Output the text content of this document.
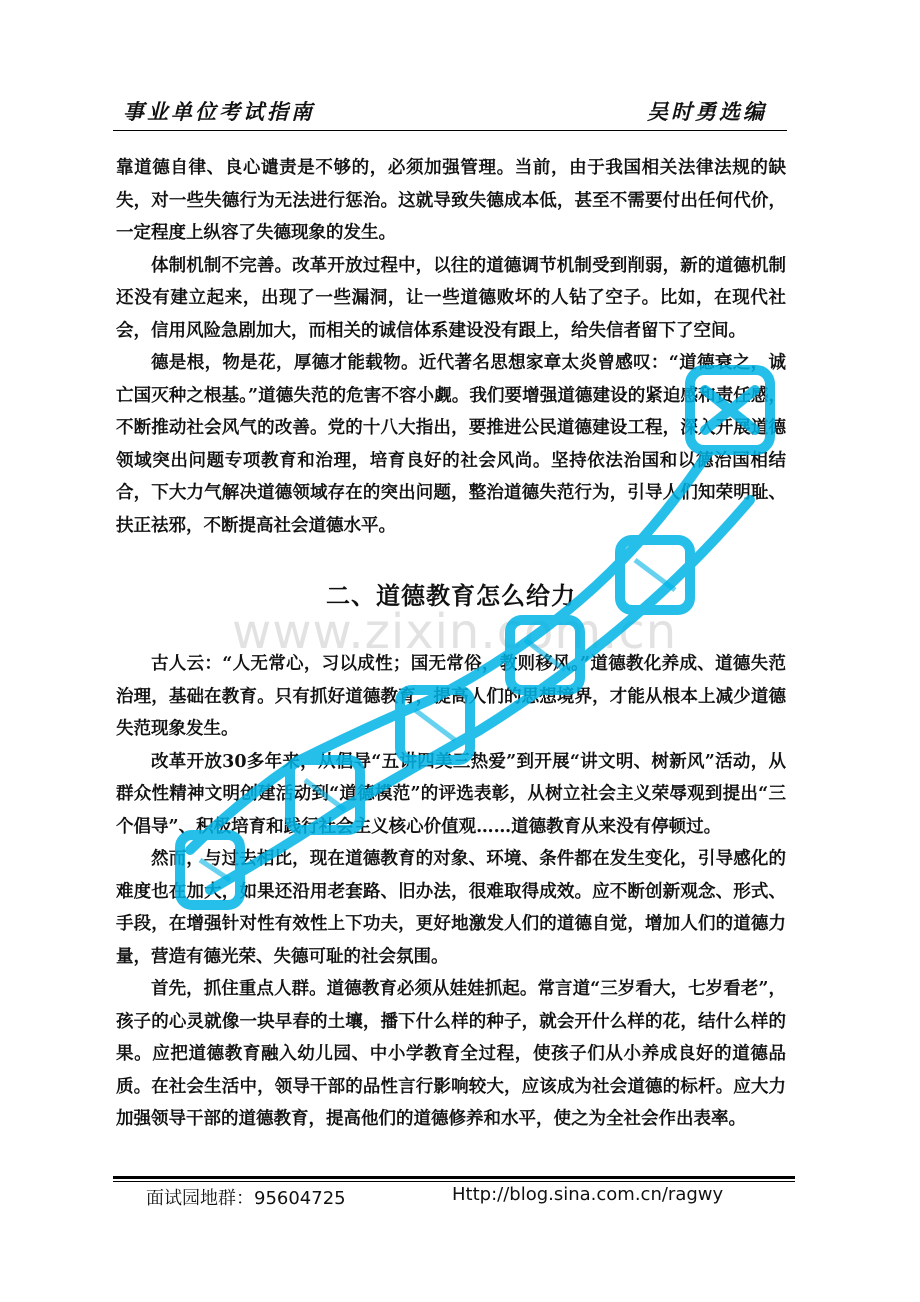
事业单位考试指南	吴时勇选编

靠道德自律、良心谴责是不够的，必须加强管理。当前，由于我国相关法律法规的缺失，对一些失德行为无法进行惩治。这就导致失德成本低，甚至不需要付出任何代价，一定程度上纵容了失德现象的发生。

体制机制不完善。改革开放过程中，以往的道德调节机制受到削弱，新的道德机制还没有建立起来，出现了一些漏洞，让一些道德败坏的人钻了空子。比如，在现代社会，信用风险急剧加大，而相关的诚信体系建设没有跟上，给失信者留下了空间。

德是根，物是花，厚德才能载物。近代著名思想家章太炎曾感叹：“道德衰之，诚亡国灭种之根基。”道德失范的危害不容小觑。我们要增强道德建设的紧迫感和责任感，不断推动社会风气的改善。党的十八大指出，要推进公民道德建设工程，深入开展道德领域突出问题专项教育和治理，培育良好的社会风尚。坚持依法治国和以德治国相结合，下大力气解决道德领域存在的突出问题，整治道德失范行为，引导人们知荣明耻、扶正祛邪，不断提高社会道德水平。

二、道德教育怎么给力

古人云：“人无常心，习以成性；国无常俗，教则移风。”道德教化养成、道德失范治理，基础在教育。只有抓好道德教育，提高人们的思想境界，才能从根本上减少道德失范现象发生。

改革开放30多年来，从倡导“五讲四美三热爱”到开展“讲文明、树新风”活动，从群众性精神文明创建活动到“道德模范”的评选表彰，从树立社会主义荣辱观到提出“三个倡导”、积极培育和践行社会主义核心价值观……道德教育从来没有停顿过。

然而，与过去相比，现在道德教育的对象、环境、条件都在发生变化，引导感化的难度也在加大，如果还沿用老套路、旧办法，很难取得成效。应不断创新观念、形式、手段，在增强针对性有效性上下功夫，更好地激发人们的道德自觉，增加人们的道德力量，营造有德光荣、失德可耻的社会氛围。

首先，抓住重点人群。道德教育必须从娃娃抓起。常言道“三岁看大，七岁看老”，孩子的心灵就像一块早春的土壤，播下什么样的种子，就会开什么样的花，结什么样的果。应把道德教育融入幼儿园、中小学教育全过程，使孩子们从小养成良好的道德品质。在社会生活中，领导干部的品性言行影响较大，应该成为社会道德的标杆。应大力加强领导干部的道德教育，提高他们的道德修养和水平，使之为全社会作出表率。

www.zixin.com.cn
面试园地群：95604725	Http://blog.sina.com.cn/ragwy
